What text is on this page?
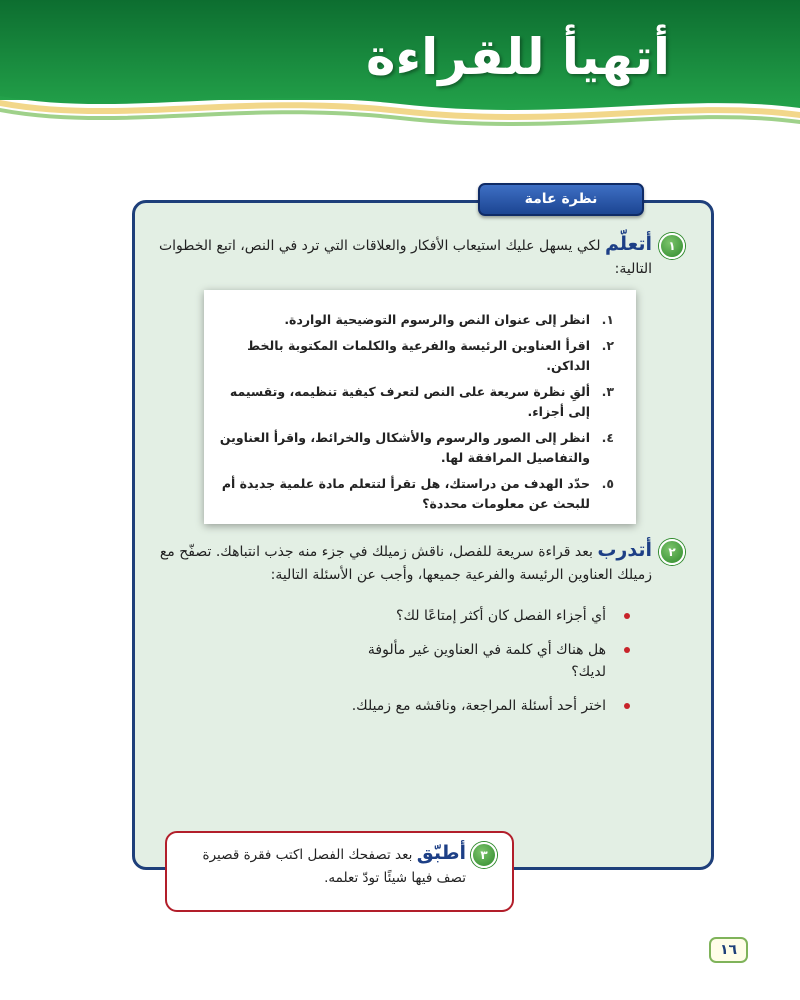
أتهيأ للقراءة
نظرة عامة
١
أتعلّم لكي يسهل عليك استيعاب الأفكار والعلاقات التي ترد في النص، اتبع الخطوات التالية:
١.
انظر إلى عنوان النص والرسوم التوضيحية الواردة.
٢.
اقرأ العناوين الرئيسة والفرعية والكلمات المكتوبة بالخط الداكن.
٣.
ألقِ نظرة سريعة على النص لتعرف كيفية تنظيمه، وتقسيمه إلى أجزاء.
٤.
انظر إلى الصور والرسوم والأشكال والخرائط، واقرأ العناوين والتفاصيل المرافقة لها.
٥.
حدّد الهدف من دراستك، هل تقرأ لتتعلم مادة علمية جديدة أم للبحث عن معلومات محددة؟
٢
أتدرب بعد قراءة سريعة للفصل، ناقش زميلك في جزء منه جذب انتباهك. تصفّح مع زميلك العناوين الرئيسة والفرعية جميعها، وأجب عن الأسئلة التالية:
أي أجزاء الفصل كان أكثر إمتاعًا لك؟
هل هناك أي كلمة في العناوين غير مألوفة لديك؟
اختر أحد أسئلة المراجعة، وناقشه مع زميلك.
٣
أطبّق بعد تصفحك الفصل اكتب فقرة قصيرة تصف فيها شيئًا تودّ تعلمه.
١٦
